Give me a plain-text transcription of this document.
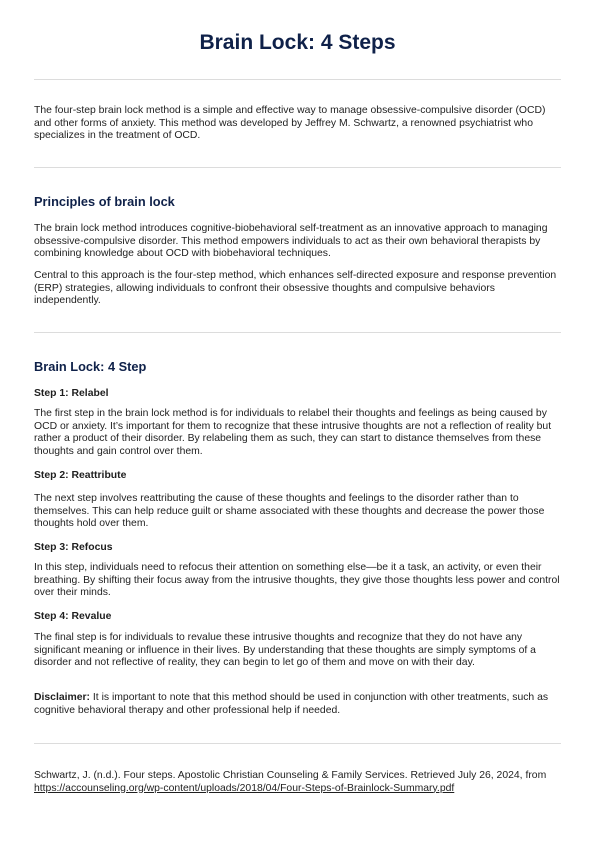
Brain Lock: 4 Steps

The four-step brain lock method is a simple and effective way to manage obsessive-compulsive disorder (OCD) and other forms of anxiety. This method was developed by Jeffrey M. Schwartz, a renowned psychiatrist who specializes in the treatment of OCD.

Principles of brain lock

The brain lock method introduces cognitive-biobehavioral self-treatment as an innovative approach to managing obsessive-compulsive disorder. This method empowers individuals to act as their own behavioral therapists by combining knowledge about OCD with biobehavioral techniques.

Central to this approach is the four-step method, which enhances self-directed exposure and response prevention (ERP) strategies, allowing individuals to confront their obsessive thoughts and compulsive behaviors independently.

Brain Lock: 4 Step
Step 1: Relabel

The first step in the brain lock method is for individuals to relabel their thoughts and feelings as being caused by OCD or anxiety. It’s important for them to recognize that these intrusive thoughts are not a reflection of reality but rather a product of their disorder. By relabeling them as such, they can start to distance themselves from these thoughts and gain control over them.

Step 2: Reattribute

The next step involves reattributing the cause of these thoughts and feelings to the disorder rather than to themselves. This can help reduce guilt or shame associated with these thoughts and decrease the power those thoughts hold over them.

Step 3: Refocus

In this step, individuals need to refocus their attention on something else—be it a task, an activity, or even their breathing. By shifting their focus away from the intrusive thoughts, they give those thoughts less power and control over their minds.

Step 4: Revalue

The final step is for individuals to revalue these intrusive thoughts and recognize that they do not have any significant meaning or influence in their lives. By understanding that these thoughts are simply symptoms of a disorder and not reflective of reality, they can begin to let go of them and move on with their day.

Disclaimer: It is important to note that this method should be used in conjunction with other treatments, such as cognitive behavioral therapy and other professional help if needed.

Schwartz, J. (n.d.). Four steps. Apostolic Christian Counseling & Family Services. Retrieved July 26, 2024, from https://accounseling.org/wp-content/uploads/2018/04/Four-Steps-of-Brainlock-Summary.pdf
